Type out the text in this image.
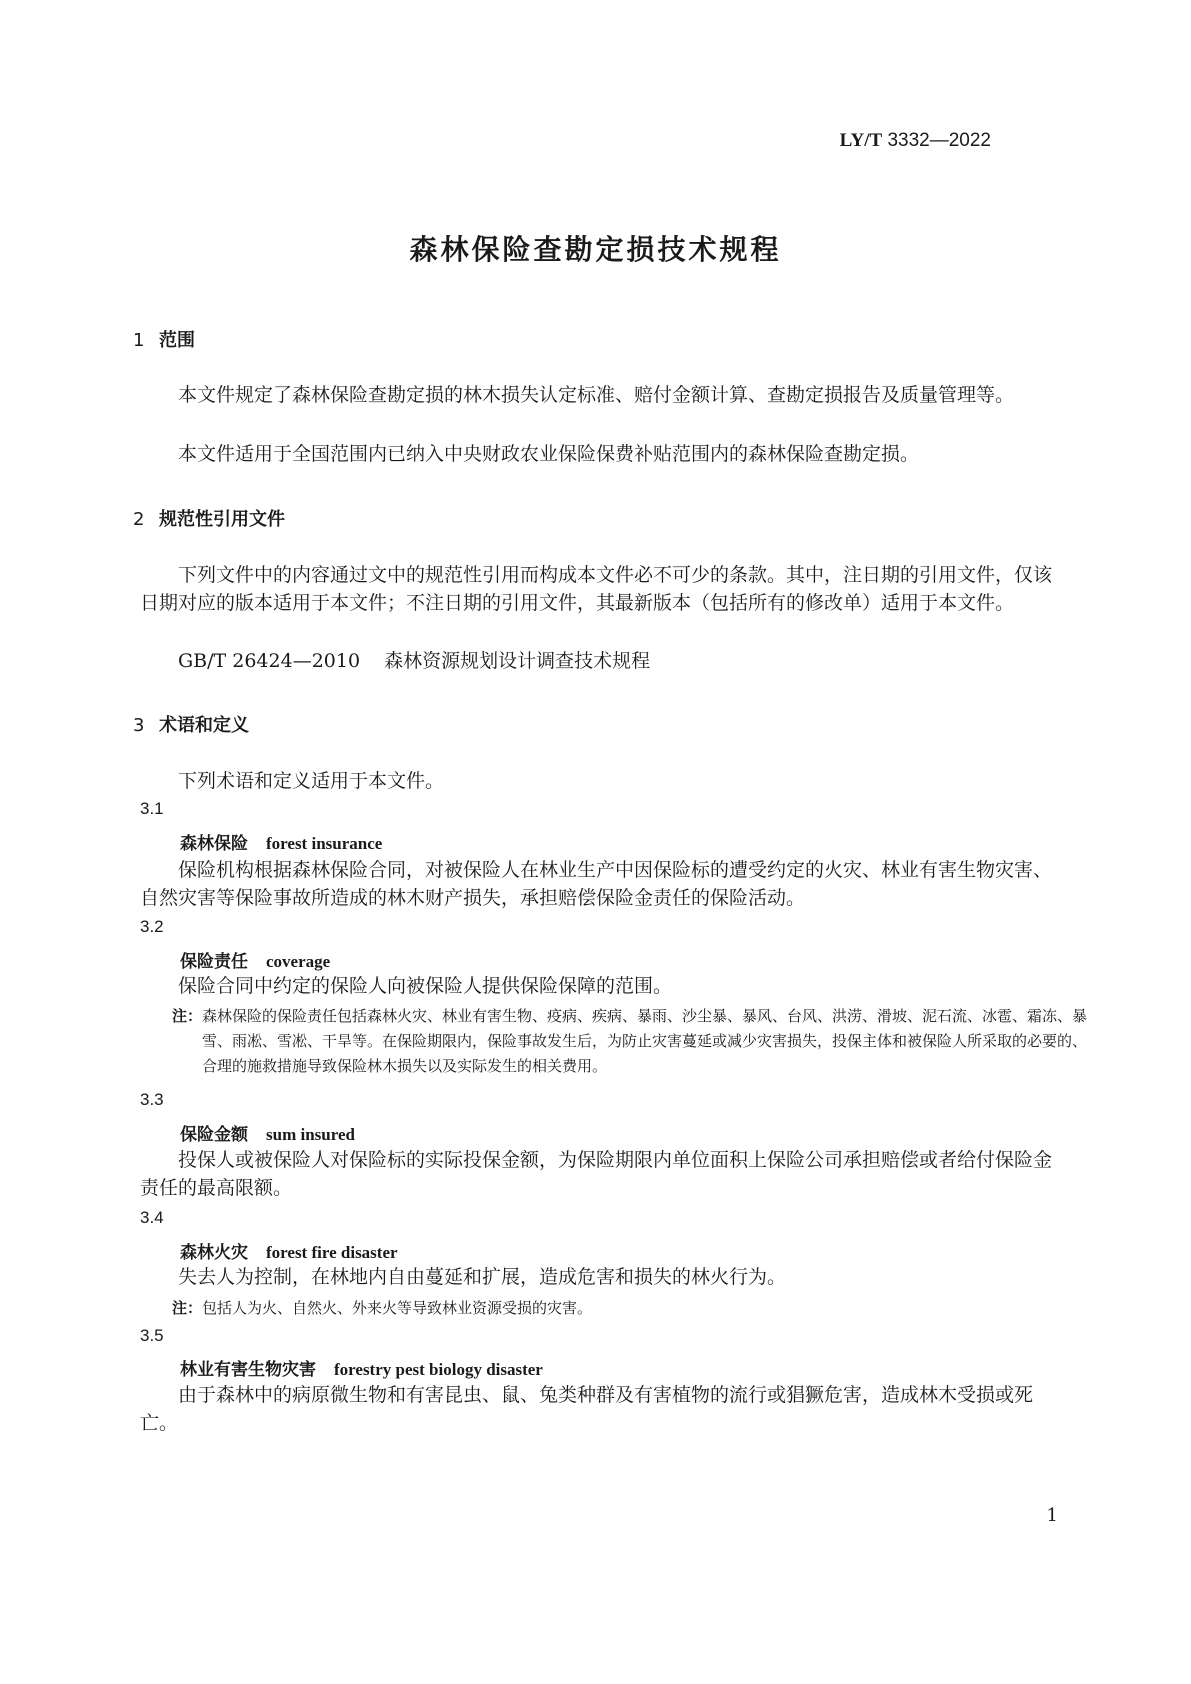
LY/T 3332—2022
森林保险查勘定损技术规程
1 范围
本文件规定了森林保险查勘定损的林木损失认定标准、赔付金额计算、查勘定损报告及质量管理等。
本文件适用于全国范围内已纳入中央财政农业保险保费补贴范围内的森林保险查勘定损。
2 规范性引用文件
下列文件中的内容通过文中的规范性引用而构成本文件必不可少的条款。其中，注日期的引用文件，仅该日期对应的版本适用于本文件；不注日期的引用文件，其最新版本（包括所有的修改单）适用于本文件。
GB/T 26424—2010 森林资源规划设计调查技术规程
3 术语和定义
下列术语和定义适用于本文件。
3.1
森林保险 forest insurance
保险机构根据森林保险合同，对被保险人在林业生产中因保险标的遭受约定的火灾、林业有害生物灾害、自然灾害等保险事故所造成的林木财产损失，承担赔偿保险金责任的保险活动。
3.2
保险责任 coverage
保险合同中约定的保险人向被保险人提供保险保障的范围。
注：森林保险的保险责任包括森林火灾、林业有害生物、疫病、疾病、暴雨、沙尘暴、暴风、台风、洪涝、滑坡、泥石流、冰雹、霜冻、暴雪、雨凇、雪凇、干旱等。在保险期限内，保险事故发生后，为防止灾害蔓延或减少灾害损失，投保主体和被保险人所采取的必要的、合理的施救措施导致保险林木损失以及实际发生的相关费用。
3.3
保险金额 sum insured
投保人或被保险人对保险标的实际投保金额，为保险期限内单位面积上保险公司承担赔偿或者给付保险金责任的最高限额。
3.4
森林火灾 forest fire disaster
失去人为控制，在林地内自由蔓延和扩展，造成危害和损失的林火行为。
注：包括人为火、自然火、外来火等导致林业资源受损的灾害。
3.5
林业有害生物灾害 forestry pest biology disaster
由于森林中的病原微生物和有害昆虫、鼠、兔类种群及有害植物的流行或猖獗危害，造成林木受损或死亡。
1
